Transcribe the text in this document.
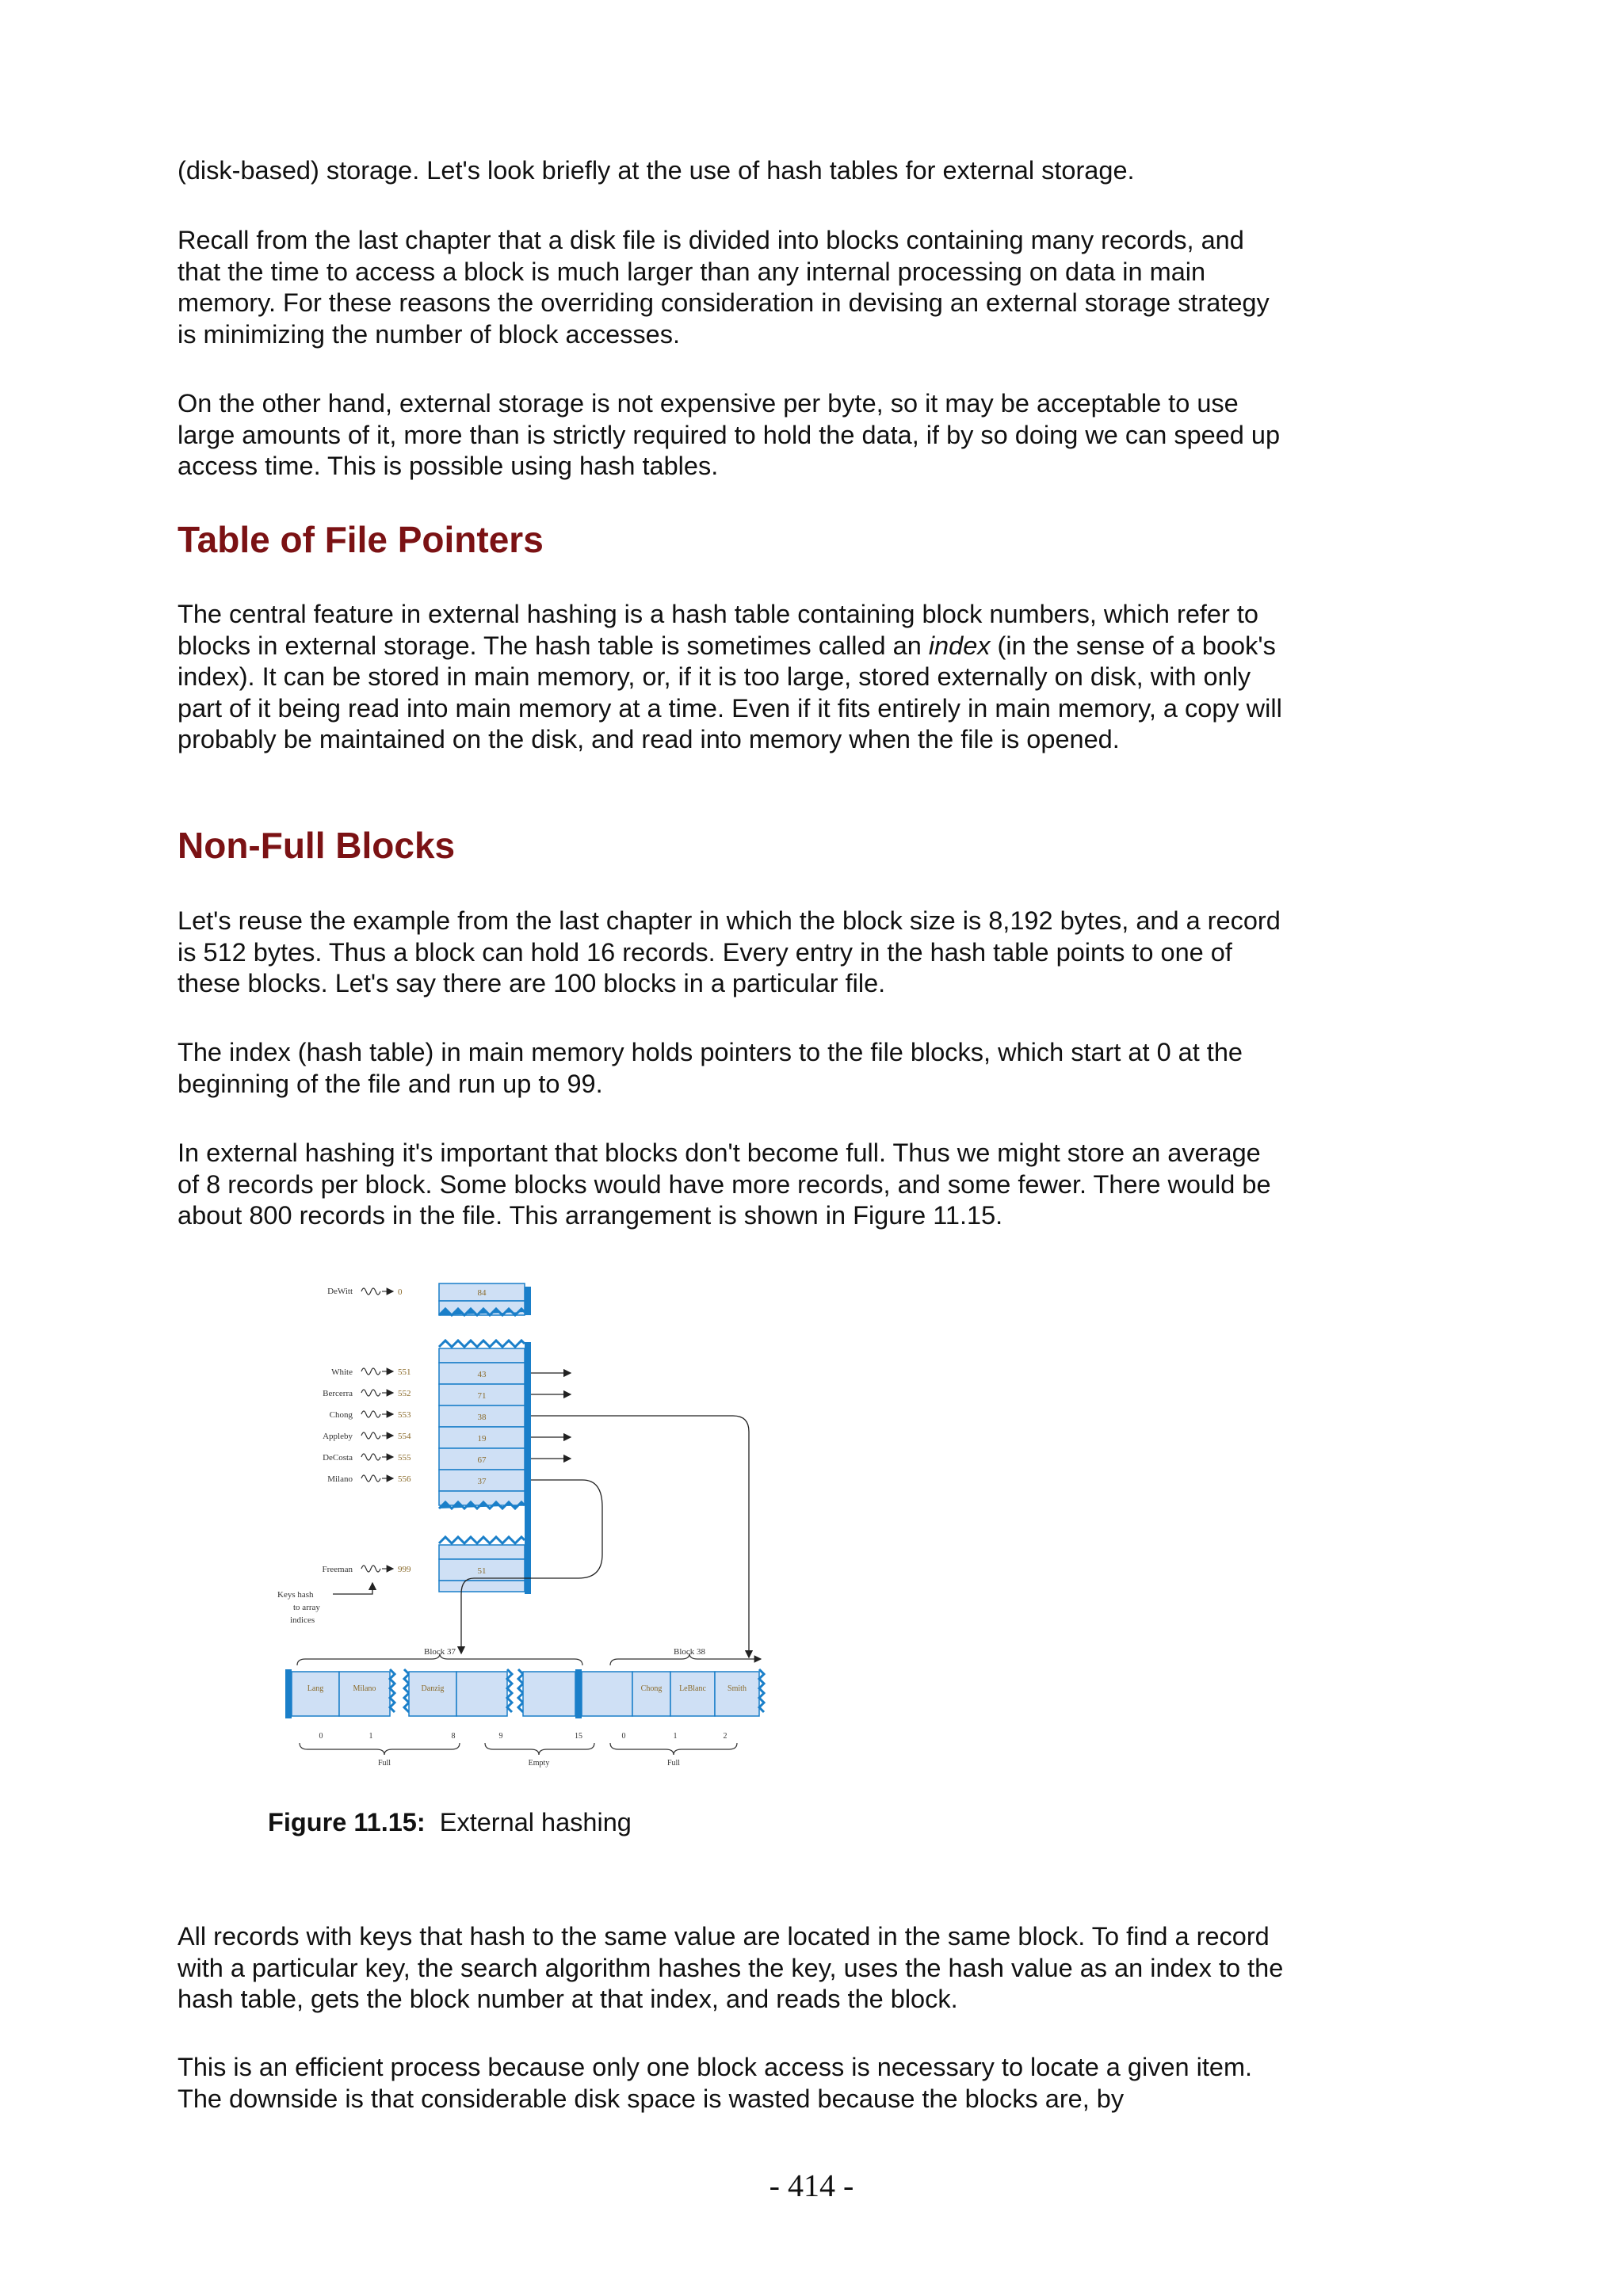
(disk-based) storage. Let's look briefly at the use of hash tables for external storage.

Recall from the last chapter that a disk file is divided into blocks containing many records, and that the time to access a block is much larger than any internal processing on data in main memory. For these reasons the overriding consideration in devising an external storage strategy is minimizing the number of block accesses.

On the other hand, external storage is not expensive per byte, so it may be acceptable to use large amounts of it, more than is strictly required to hold the data, if by so doing we can speed up access time. This is possible using hash tables.

Table of File Pointers

The central feature in external hashing is a hash table containing block numbers, which refer to blocks in external storage. The hash table is sometimes called an index (in the sense of a book's index). It can be stored in main memory, or, if it is too large, stored externally on disk, with only part of it being read into main memory at a time. Even if it fits entirely in main memory, a copy will probably be maintained on the disk, and read into memory when the file is opened.

Non-Full Blocks

Let's reuse the example from the last chapter in which the block size is 8,192 bytes, and a record is 512 bytes. Thus a block can hold 16 records. Every entry in the hash table points to one of these blocks. Let's say there are 100 blocks in a particular file.

The index (hash table) in main memory holds pointers to the file blocks, which start at 0 at the beginning of the file and run up to 99.

In external hashing it's important that blocks don't become full. Thus we might store an average of 8 records per block. Some blocks would have more records, and some fewer. There would be about 800 records in the file. This arrangement is shown in Figure 11.15.

DeWitt	0	84
White	551	43
Bercerra	552	71
Chong	553	38
Appleby	554	19
DeCosta	555	67
Milano	556	37
Freeman	999	51
Keys hash
to array
indices
Block 37	Block 38
Lang	Milano	Danzig	Chong LeBlanc	Smith
0	1	8	9	15	0	1	2
Full	Empty	Full
Figure 11.15: External hashing

All records with keys that hash to the same value are located in the same block. To find a record with a particular key, the search algorithm hashes the key, uses the hash value as an index to the hash table, gets the block number at that index, and reads the block.

This is an efficient process because only one block access is necessary to locate a given item. The downside is that considerable disk space is wasted because the blocks are, by

- 414 -
